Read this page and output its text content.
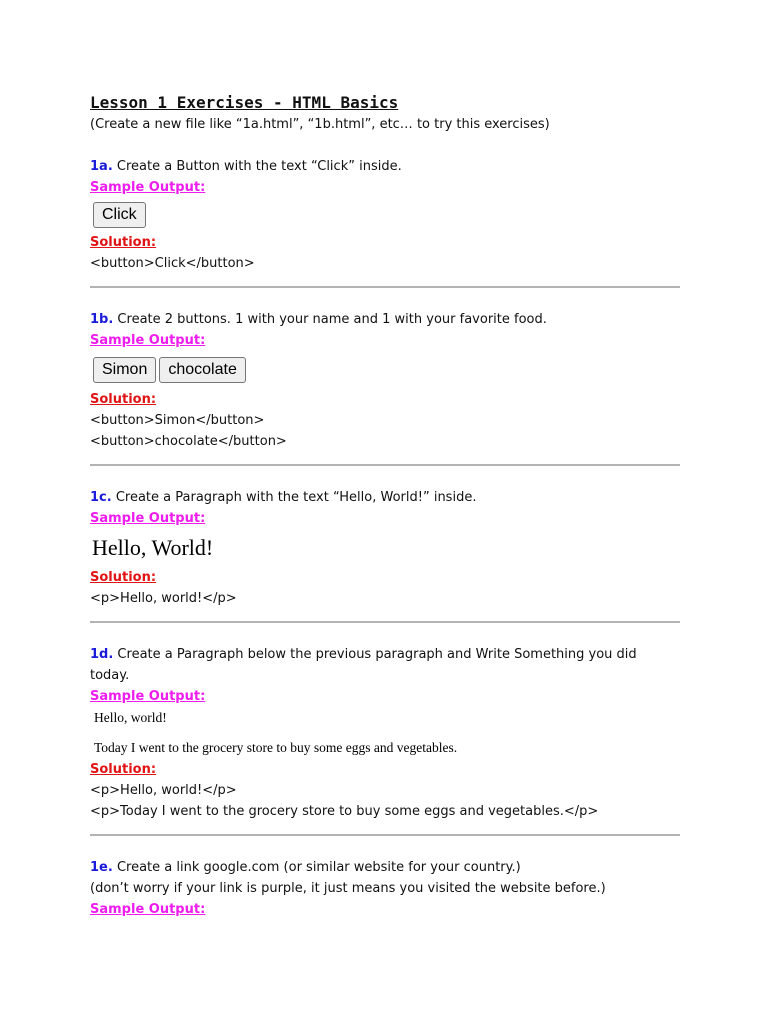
Lesson 1 Exercises - HTML Basics

(Create a new file like “1a.html”, “1b.html”, etc… to try this exercises)

1a. Create a Button with the text “Click” inside.

Sample Output:
Click
Solution:
<button>Click</button>

1b. Create 2 buttons. 1 with your name and 1 with your favorite food.

Sample Output:
Simon chocolate
Solution:
<button>Simon</button>
<button>chocolate</button>

1c. Create a Paragraph with the text “Hello, World!” inside.

Sample Output:
Hello, World!
Solution:
<p>Hello, world!</p>

1d. Create a Paragraph below the previous paragraph and Write Something you did today.

Sample Output:
Hello, world!
Today I went to the grocery store to buy some eggs and vegetables.
Solution:
<p>Hello, world!</p>
<p>Today I went to the grocery store to buy some eggs and vegetables.</p>

1e. Create a link google.com (or similar website for your country.)

(don’t worry if your link is purple, it just means you visited the website before.)

Sample Output:
